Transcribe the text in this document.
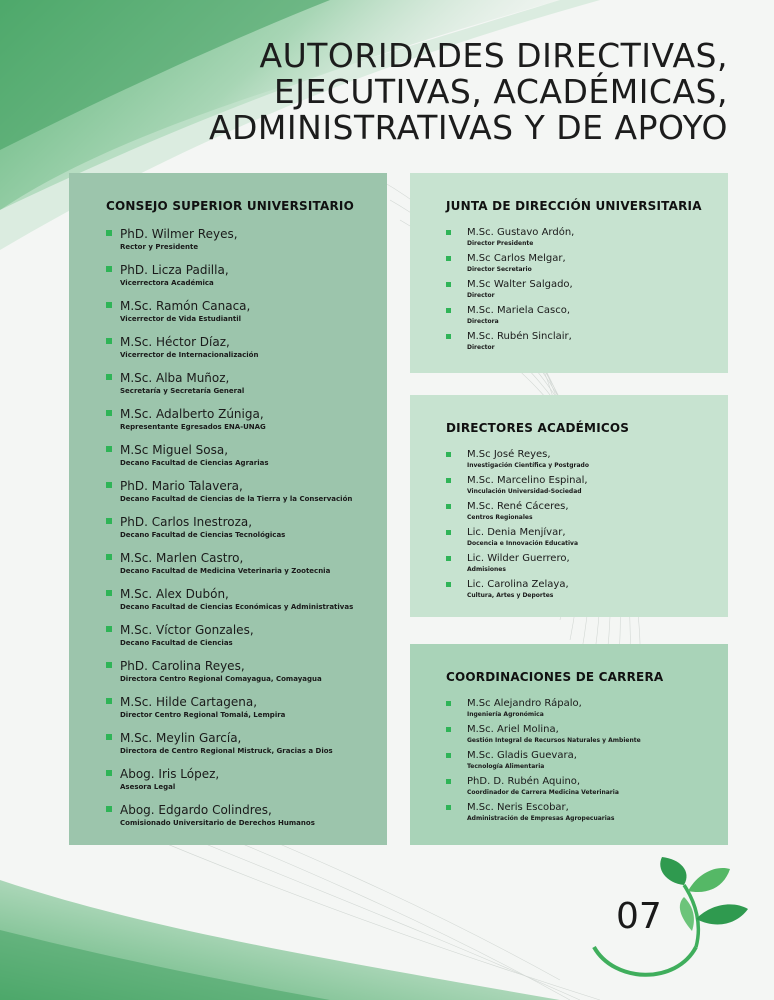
AUTORIDADES DIRECTIVAS,
EJECUTIVAS, ACADÉMICAS,
ADMINISTRATIVAS Y DE APOYO
CONSEJO SUPERIOR UNIVERSITARIO
PhD. Wilmer Reyes,
Rector y Presidente
PhD. Licza Padilla,
Vicerrectora Académica
M.Sc. Ramón Canaca,
Vicerrector de Vida Estudiantil
M.Sc. Héctor Díaz,
Vicerrector de Internacionalización
M.Sc. Alba Muñoz,
Secretaría y Secretaría General
M.Sc. Adalberto Zúniga,
Representante Egresados ENA-UNAG
M.Sc Miguel Sosa,
Decano Facultad de Ciencias Agrarias
PhD. Mario Talavera,
Decano Facultad de Ciencias de la Tierra y la Conservación
PhD. Carlos Inestroza,
Decano Facultad de Ciencias Tecnológicas
M.Sc. Marlen Castro,
Decano Facultad de Medicina Veterinaria y Zootecnia
M.Sc. Alex Dubón,
Decano Facultad de Ciencias Económicas y Administrativas
M.Sc. Víctor Gonzales,
Decano Facultad de Ciencias
PhD. Carolina Reyes,
Directora Centro Regional Comayagua, Comayagua
M.Sc. Hilde Cartagena,
Director Centro Regional Tomalá, Lempira
M.Sc. Meylin García,
Directora de Centro Regional Mistruck, Gracias a Dios
Abog. Iris López,
Asesora Legal
Abog. Edgardo Colindres,
Comisionado Universitario de Derechos Humanos
JUNTA DE DIRECCIÓN UNIVERSITARIA
M.Sc. Gustavo Ardón,
Director Presidente
M.Sc Carlos Melgar,
Director Secretario
M.Sc Walter Salgado,
Director
M.Sc. Mariela Casco,
Directora
M.Sc. Rubén Sinclair,
Director
DIRECTORES ACADÉMICOS
M.Sc José Reyes,
Investigación Científica y Postgrado
M.Sc. Marcelino Espinal,
Vinculación Universidad-Sociedad
M.Sc. René Cáceres,
Centros Regionales
Lic. Denia Menjívar,
Docencia e Innovación Educativa
Lic. Wilder Guerrero,
Admisiones
Lic. Carolina Zelaya,
Cultura, Artes y Deportes
COORDINACIONES DE CARRERA
M.Sc Alejandro Rápalo,
Ingeniería Agronómica
M.Sc. Ariel Molina,
Gestión Integral de Recursos Naturales y Ambiente
M.Sc. Gladis Guevara,
Tecnología Alimentaria
PhD. D. Rubén Aquino,
Coordinador de Carrera Medicina Veterinaria
M.Sc. Neris Escobar,
Administración de Empresas Agropecuarias
07
